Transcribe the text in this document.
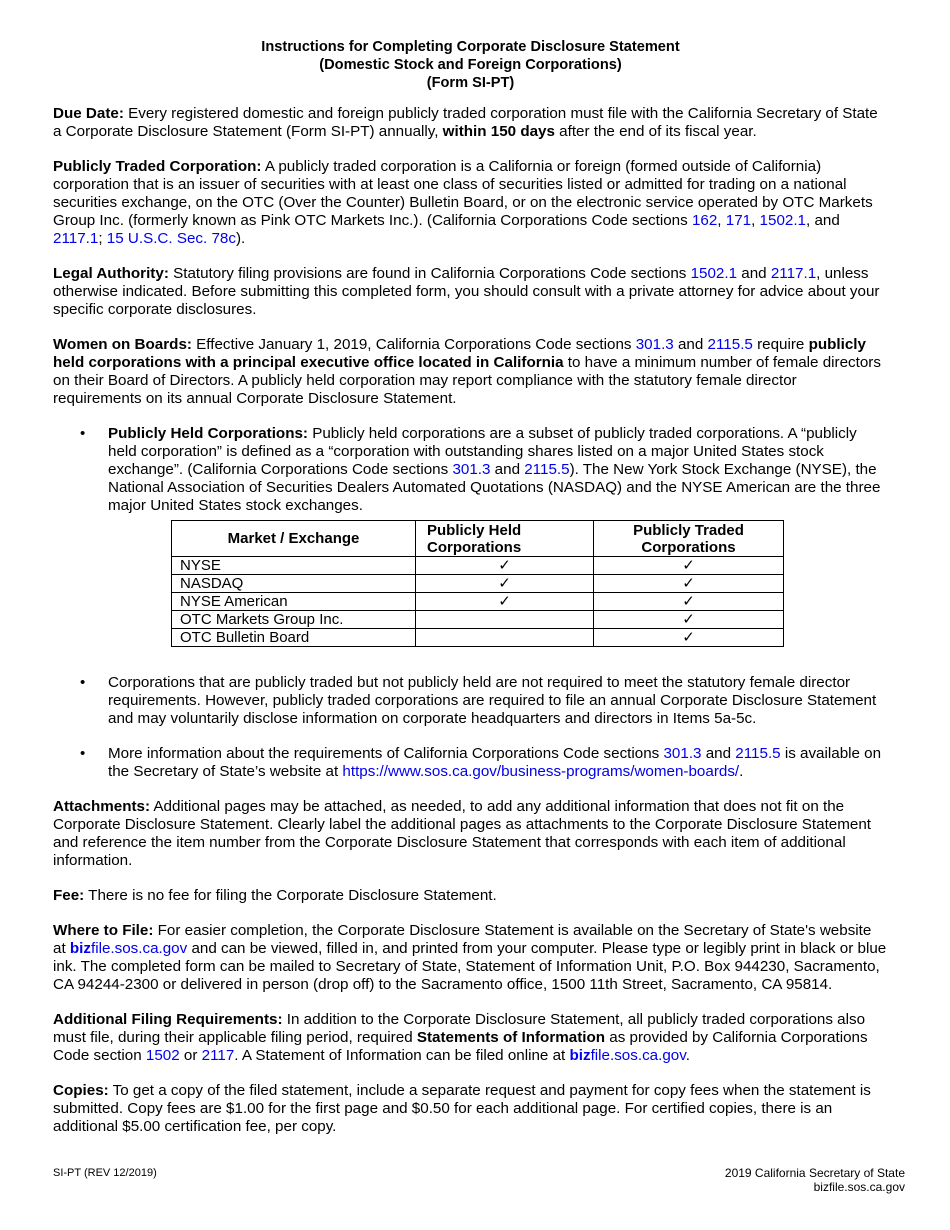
Instructions for Completing Corporate Disclosure Statement
(Domestic Stock and Foreign Corporations)
(Form SI-PT)

Due Date: Every registered domestic and foreign publicly traded corporation must file with the California Secretary of State a Corporate Disclosure Statement (Form SI-PT) annually, within 150 days after the end of its fiscal year.

Publicly Traded Corporation: A publicly traded corporation is a California or foreign (formed outside of California) corporation that is an issuer of securities with at least one class of securities listed or admitted for trading on a national securities exchange, on the OTC (Over the Counter) Bulletin Board, or on the electronic service operated by OTC Markets Group Inc. (formerly known as Pink OTC Markets Inc.). (California Corporations Code sections 162, 171, 1502.1, and 2117.1; 15 U.S.C. Sec. 78c).

Legal Authority: Statutory filing provisions are found in California Corporations Code sections 1502.1 and 2117.1, unless otherwise indicated. Before submitting this completed form, you should consult with a private attorney for advice about your specific corporate disclosures.

Women on Boards: Effective January 1, 2019, California Corporations Code sections 301.3 and 2115.5 require publicly held corporations with a principal executive office located in California to have a minimum number of female directors on their Board of Directors. A publicly held corporation may report compliance with the statutory female director requirements on its annual Corporate Disclosure Statement.

• Publicly Held Corporations: Publicly held corporations are a subset of publicly traded corporations. A “publicly held corporation” is defined as a “corporation with outstanding shares listed on a major United States stock exchange”. (California Corporations Code sections 301.3 and 2115.5). The New York Stock Exchange (NYSE), the National Association of Securities Dealers Automated Quotations (NASDAQ) and the NYSE American are the three major United States stock exchanges.
Market / Exchange	Publicly Held Corporations	Publicly Traded Corporations
NYSE	✓	✓
NASDAQ	✓	✓
NYSE American	✓	✓
OTC Markets Group Inc.		✓
OTC Bulletin Board		✓
• Corporations that are publicly traded but not publicly held are not required to meet the statutory female director requirements. However, publicly traded corporations are required to file an annual Corporate Disclosure Statement and may voluntarily disclose information on corporate headquarters and directors in Items 5a-5c.
• More information about the requirements of California Corporations Code sections 301.3 and 2115.5 is available on the Secretary of State’s website at https://www.sos.ca.gov/business-programs/women-boards/.

Attachments: Additional pages may be attached, as needed, to add any additional information that does not fit on the Corporate Disclosure Statement. Clearly label the additional pages as attachments to the Corporate Disclosure Statement and reference the item number from the Corporate Disclosure Statement that corresponds with each item of additional information.

Fee: There is no fee for filing the Corporate Disclosure Statement.

Where to File: For easier completion, the Corporate Disclosure Statement is available on the Secretary of State's website at bizfile.sos.ca.gov and can be viewed, filled in, and printed from your computer. Please type or legibly print in black or blue ink. The completed form can be mailed to Secretary of State, Statement of Information Unit, P.O. Box 944230, Sacramento, CA 94244-2300 or delivered in person (drop off) to the Sacramento office, 1500 11th Street, Sacramento, CA 95814.

Additional Filing Requirements: In addition to the Corporate Disclosure Statement, all publicly traded corporations also must file, during their applicable filing period, required Statements of Information as provided by California Corporations Code section 1502 or 2117. A Statement of Information can be filed online at bizfile.sos.ca.gov.

Copies: To get a copy of the filed statement, include a separate request and payment for copy fees when the statement is submitted. Copy fees are $1.00 for the first page and $0.50 for each additional page. For certified copies, there is an additional $5.00 certification fee, per copy.

SI-PT (REV 12/2019)	2019 California Secretary of State
bizfile.sos.ca.gov
